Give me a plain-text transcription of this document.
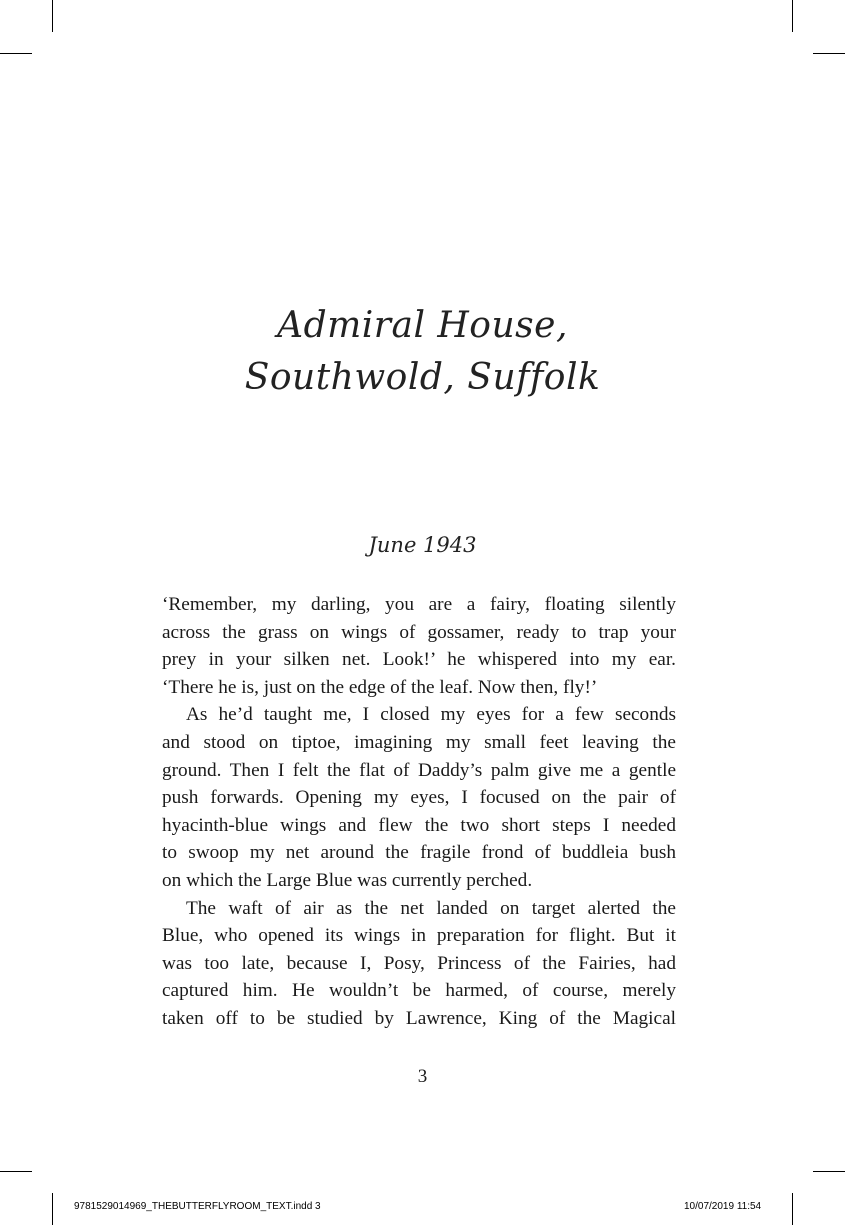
Admiral House,
Southwold, Suffolk
June 1943

‘Remember, my darling, you are a fairy, floating silently
across the grass on wings of gossamer, ready to trap your
prey in your silken net. Look!’ he whispered into my ear.

‘There he is, just on the edge of the leaf. Now then, fly!’

As he’d taught me, I closed my eyes for a few seconds
and stood on tiptoe, imagining my small feet leaving the
ground. Then I felt the flat of Daddy’s palm give me a gentle
push forwards. Opening my eyes, I focused on the pair of
hyacinth-blue wings and flew the two short steps I needed
to swoop my net around the fragile frond of buddleia bush

on which the Large Blue was currently perched.

The waft of air as the net landed on target alerted the
Blue, who opened its wings in preparation for flight. But it
was too late, because I, Posy, Princess of the Fairies, had
captured him. He wouldn’t be harmed, of course, merely
taken off to be studied by Lawrence, King of the Magical

3
9781529014969_THEBUTTERFLYROOM_TEXT.indd 3	10/07/2019 11:54
